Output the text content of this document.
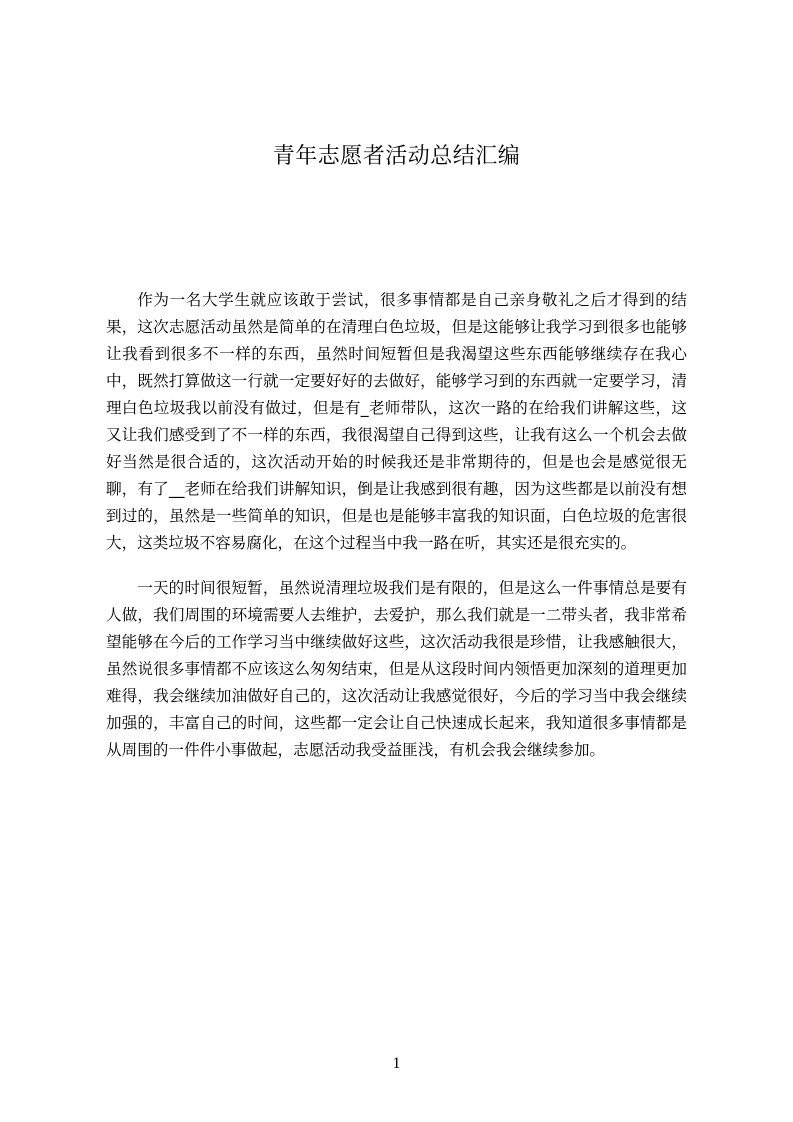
青年志愿者活动总结汇编

作为一名大学生就应该敢于尝试，很多事情都是自己亲身敬礼之后才得到的结果，这次志愿活动虽然是简单的在清理白色垃圾，但是这能够让我学习到很多也能够让我看到很多不一样的东西，虽然时间短暂但是我渴望这些东西能够继续存在我心中，既然打算做这一行就一定要好好的去做好，能够学习到的东西就一定要学习，清理白色垃圾我以前没有做过，但是有_老师带队，这次一路的在给我们讲解这些，这又让我们感受到了不一样的东西，我很渴望自己得到这些，让我有这么一个机会去做好当然是很合适的，这次活动开始的时候我还是非常期待的，但是也会是感觉很无聊，有了__老师在给我们讲解知识，倒是让我感到很有趣，因为这些都是以前没有想到过的，虽然是一些简单的知识，但是也是能够丰富我的知识面，白色垃圾的危害很大，这类垃圾不容易腐化，在这个过程当中我一路在听，其实还是很充实的。

一天的时间很短暂，虽然说清理垃圾我们是有限的，但是这么一件事情总是要有人做，我们周围的环境需要人去维护，去爱护，那么我们就是一二带头者，我非常希望能够在今后的工作学习当中继续做好这些，这次活动我很是珍惜，让我感触很大，虽然说很多事情都不应该这么匆匆结束，但是从这段时间内领悟更加深刻的道理更加难得，我会继续加油做好自己的，这次活动让我感觉很好，今后的学习当中我会继续加强的，丰富自己的时间，这些都一定会让自己快速成长起来，我知道很多事情都是从周围的一件件小事做起，志愿活动我受益匪浅，有机会我会继续参加。

1
